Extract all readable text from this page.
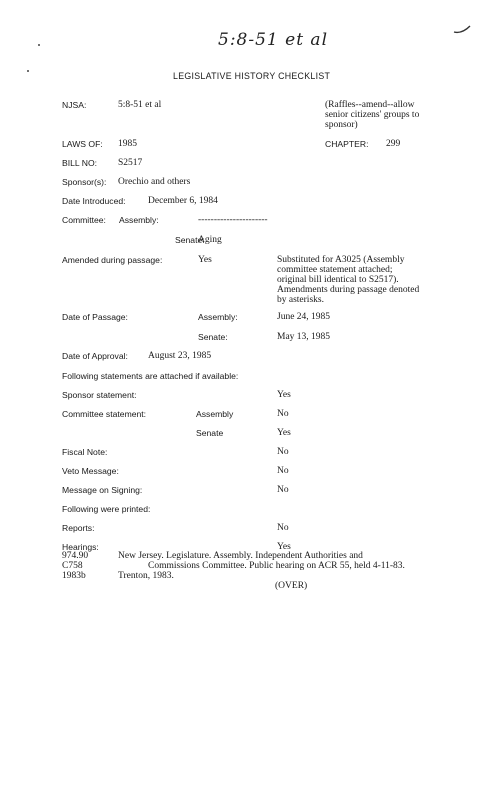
5:8-51 et al
LEGISLATIVE HISTORY CHECKLIST
NJSA:	5:8-51 et al	(Raffles--amend--allow
senior citizens' groups to
sponsor)
LAWS OF: 1985	CHAPTER: 299
BILL NO: S2517
Sponsor(s): Orechio and others
Date Introduced: December 6, 1984
Committee: Assembly:	----------------------
Senate:
Aging
Amended during passage:	Yes	Substituted for A3025 (Assembly
committee statement attached;
original bill identical to S2517).
Amendments during passage denoted
by asterisks.
Date of Passage:	Assembly:	June 24, 1985
Senate:	May 13, 1985
Date of Approval: August 23, 1985
Following statements are attached if available:
Sponsor statement:	Yes
Committee statement:	Assembly	No
Senate	Yes
Fiscal Note:	No
Veto Message:	No
Message on Signing:	No
Following were printed:
Reports:	No
Hearings:	Yes
974.90
C758
1983b
New Jersey. Legislature. Assembly. Independent Authorities and
Commissions Committee. Public hearing on ACR 55, held 4-11-83.
Trenton, 1983.
(OVER)
